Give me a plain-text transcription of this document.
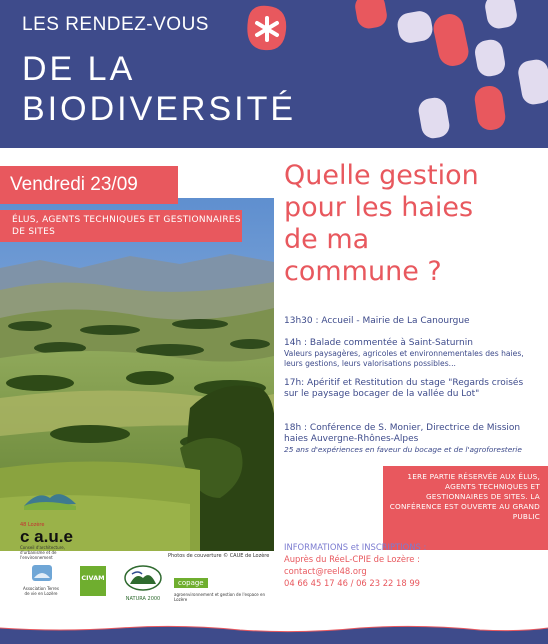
LES RENDEZ-VOUS
DE LA
BIODIVERSITÉ
Vendredi 23/09
ÉLUS, AGENTS TECHNIQUES ET GESTIONNAIRES DE SITES
Quelle gestion
pour les haies
de ma
commune ?
13h30 : Accueil - Mairie de La Canourgue
14h : Balade commentée à Saint-Saturnin
Valeurs paysagères, agricoles et environnementales des haies, leurs gestions, leurs valorisations possibles...
17h: Apéritif et Restitution du stage "Regards croisés sur le paysage bocager de la vallée du Lot"
18h : Conférence de S. Monier, Directrice de Mission haies Auvergne-Rhônes-Alpes
25 ans d'expériences en faveur du bocage et de l'agroforesterie
1ERE PARTIE RÉSERVÉE AUX ÉLUS, AGENTS TECHNIQUES ET GESTIONNAIRES DE SITES. LA CONFÉRENCE EST OUVERTE AU GRAND PUBLIC
INFORMATIONS et INSCRIPTIONS :
Auprès du RéeL-CPIE de Lozère :
contact@reel48.org
04 66 45 17 46 / 06 23 22 18 99
Photos de couverture © CAUE de Lozère
48 Lozère
c a.u.e
Conseil d'architecture, d'urbanisme et de l'environnement
Association Terres de vie en Lozère
CIVAM
NATURA 2000
copage
agroenvironnement et gestion de l'espace en Lozère
